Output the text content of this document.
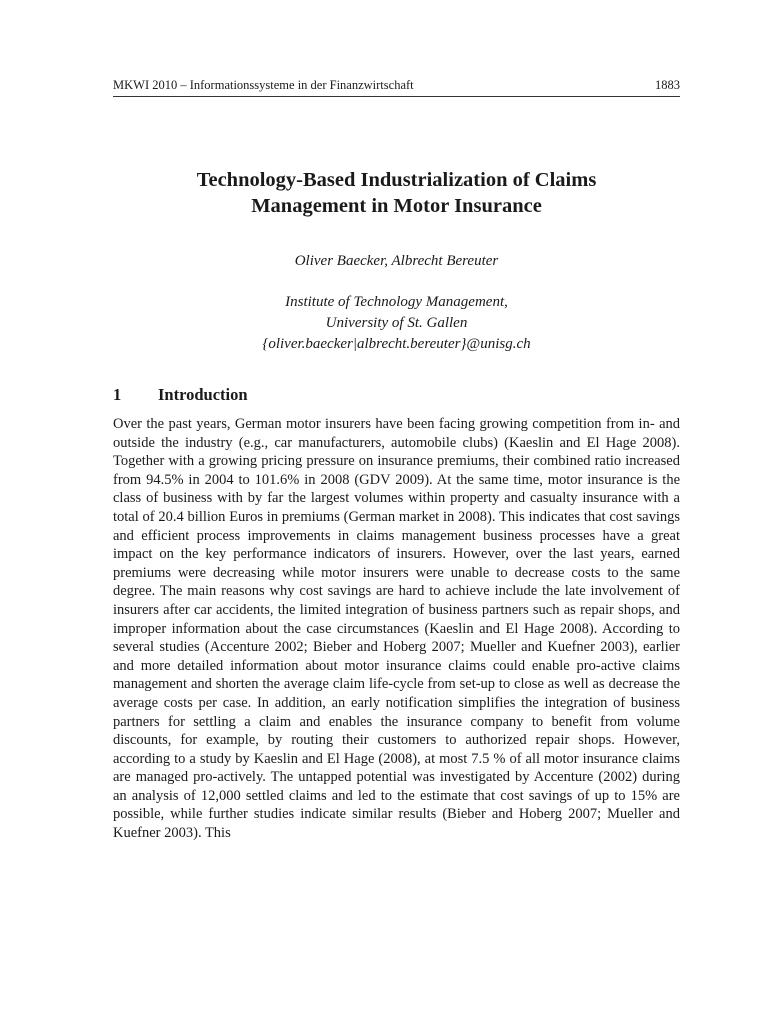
MKWI 2010 – Informationssysteme in der Finanzwirtschaft	1883
Technology-Based Industrialization of Claims
Management in Motor Insurance
Oliver Baecker, Albrecht Bereuter
Institute of Technology Management,
University of St. Gallen
{oliver.baecker|albrecht.bereuter}@unisg.ch
1	Introduction

Over the past years, German motor insurers have been facing growing competition from in- and outside the industry (e.g., car manufacturers, automobile clubs) (Kaeslin and El Hage 2008). Together with a growing pricing pressure on insurance premiums, their combined ratio increased from 94.5% in 2004 to 101.6% in 2008 (GDV 2009). At the same time, motor insurance is the class of business with by far the largest volumes within property and casualty insurance with a total of 20.4 billion Euros in premiums (German market in 2008). This indicates that cost savings and efficient process improvements in claims management business processes have a great impact on the key performance indicators of insurers. However, over the last years, earned premiums were decreasing while motor insurers were unable to decrease costs to the same degree. The main reasons why cost savings are hard to achieve include the late involvement of insurers after car accidents, the limited integration of business partners such as repair shops, and improper information about the case circumstances (Kaeslin and El Hage 2008). According to several studies (Accenture 2002; Bieber and Hoberg 2007; Mueller and Kuefner 2003), earlier and more detailed information about motor insurance claims could enable pro-active claims management and shorten the average claim life-cycle from set-up to close as well as decrease the average costs per case. In addition, an early notification simplifies the integration of business partners for settling a claim and enables the insurance company to benefit from volume discounts, for example, by routing their customers to authorized repair shops. However, according to a study by Kaeslin and El Hage (2008), at most 7.5 % of all motor insurance claims are managed pro-actively. The untapped potential was investigated by Accenture (2002) during an analysis of 12,000 settled claims and led to the estimate that cost savings of up to 15% are possible, while further studies indicate similar results (Bieber and Hoberg 2007; Mueller and Kuefner 2003). This
